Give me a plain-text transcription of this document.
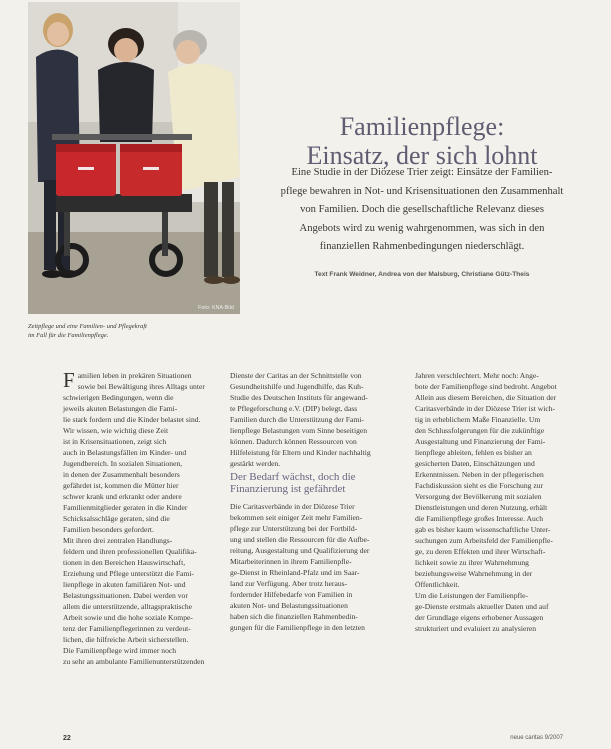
Foto: KNA-Bild
Zeitpflege und eine Familien- und Pflegekraft
im Fall für die Familienpflege.
Familienpflege:
Einsatz, der sich lohnt
Eine Studie in der Diözese Trier zeigt: Einsätze der Familien-
pflege bewahren in Not- und Krisensituationen den Zusammenhalt
von Familien. Doch die gesellschaftliche Relevanz dieses
Angebots wird zu wenig wahrgenommen, was sich in den
finanziellen Rahmenbedingungen niederschlägt.
Text Frank Weidner, Andrea von der Malsburg, Christiane Gütz-Theis
F amilien leben in prekären Situationen
sowie bei Bewältigung ihres Alltags unter
schwierigen Bedingungen, wenn die
jeweils akuten Belastungen die Fami-
lie stark fordern und die Kinder belastet sind.
Wir wissen, wie wichtig diese Zeit
ist in Krisensituationen, zeigt sich
auch in Belastungsfällen im Kinder- und
Jugendbereich. In sozialen Situationen,
in denen der Zusammenhalt besonders
gefährdet ist, kommen die Mütter hier
schwer krank und erkrankt oder andere
Familienmitglieder geraten in die Kinder
Schicksalsschläge geraten, sind die
Familien besonders gefordert.
Mit ihren drei zentralen Handlungs-
feldern und ihren professionellen Qualifika-
tionen in den Bereichen Hauswirtschaft,
Erziehung und Pflege unterstützt die Fami-
lienpflege in akuten familiären Not- und
Belastungssituationen. Dabei werden vor
allem die unterstützende, alltagspraktische
Arbeit sowie und die hohe soziale Kompe-
tenz der Familienpflegerinnen zu verdeut-
lichen, die hilfreiche Arbeit sicherstellen.
Die Familienpflege wird immer noch
zu sehr an ambulante Familienunterstützenden
Dienste der Caritas an der Schnittstelle von
Gesundheitshilfe und Jugendhilfe, das Kuh-
Studie des Deutschen Instituts für angewand-
te Pflegeforschung e.V. (DIP) belegt, dass
Familien durch die Unterstützung der Fami-
lienpflege Belastungen vom Sinne beseitigen
können. Dadurch können Ressourcen von
Hilfeleistung für Eltern und Kinder nachhaltig
gestärkt werden.
Der Bedarf wächst, doch die
Finanzierung ist gefährdet
Die Caritasverbände in der Diözese Trier
bekommen seit einiger Zeit mehr Familien-
pflege zur Unterstützung bei der Fortbild-
ung und stellen die Ressourcen für die Aufbe-
reitung, Ausgestaltung und Qualifizierung der
Mitarbeiterinnen in ihrem Familienpfle-
ge-Dienst in Rheinland-Pfalz und im Saar-
land zur Verfügung. Aber trotz heraus-
fordernder Hilfebedarfe von Familien in
akuten Not- und Belastungssituationen
haben sich die finanziellen Rahmenbedin-
gungen für die Familienpflege in den letzten
Jahren verschlechtert. Mehr noch: Ange-
bote der Familienpflege sind bedroht. Angebot
Allein aus diesem Bereichen, die Situation der
Caritasverbände in der Diözese Trier ist wich-
tig in erheblichem Maße Finanzielle. Um
den Schlussfolgerungen für die zukünftige
Ausgestaltung und Finanzierung der Fami-
lienpflege ableiten, fehlen es bisher an
gesicherten Daten, Einschätzungen und
Erkenntnissen. Neben in der pflegerischen
Fachdiskussion sieht es die Forschung zur
Versorgung der Bevölkerung mit sozialen
Dienstleistungen und deren Nutzung, erhält
die Familienpflege großes Interesse. Auch
gab es bisher kaum wissenschaftliche Unter-
suchungen zum Arbeitsfeld der Familienpfle-
ge, zu deren Effekten und ihrer Wirtschaft-
lichkeit sowie zu ihrer Wahrnehmung
beziehungsweise Wahrnehmung in der
Öffentlichkeit.
Um die Leistungen der Familienpfle-
ge-Dienste erstmals aktueller Daten und auf
der Grundlage eigens erhobener Aussagen
strukturiert und evaluiert zu analysieren
22	neue caritas 9/2007
